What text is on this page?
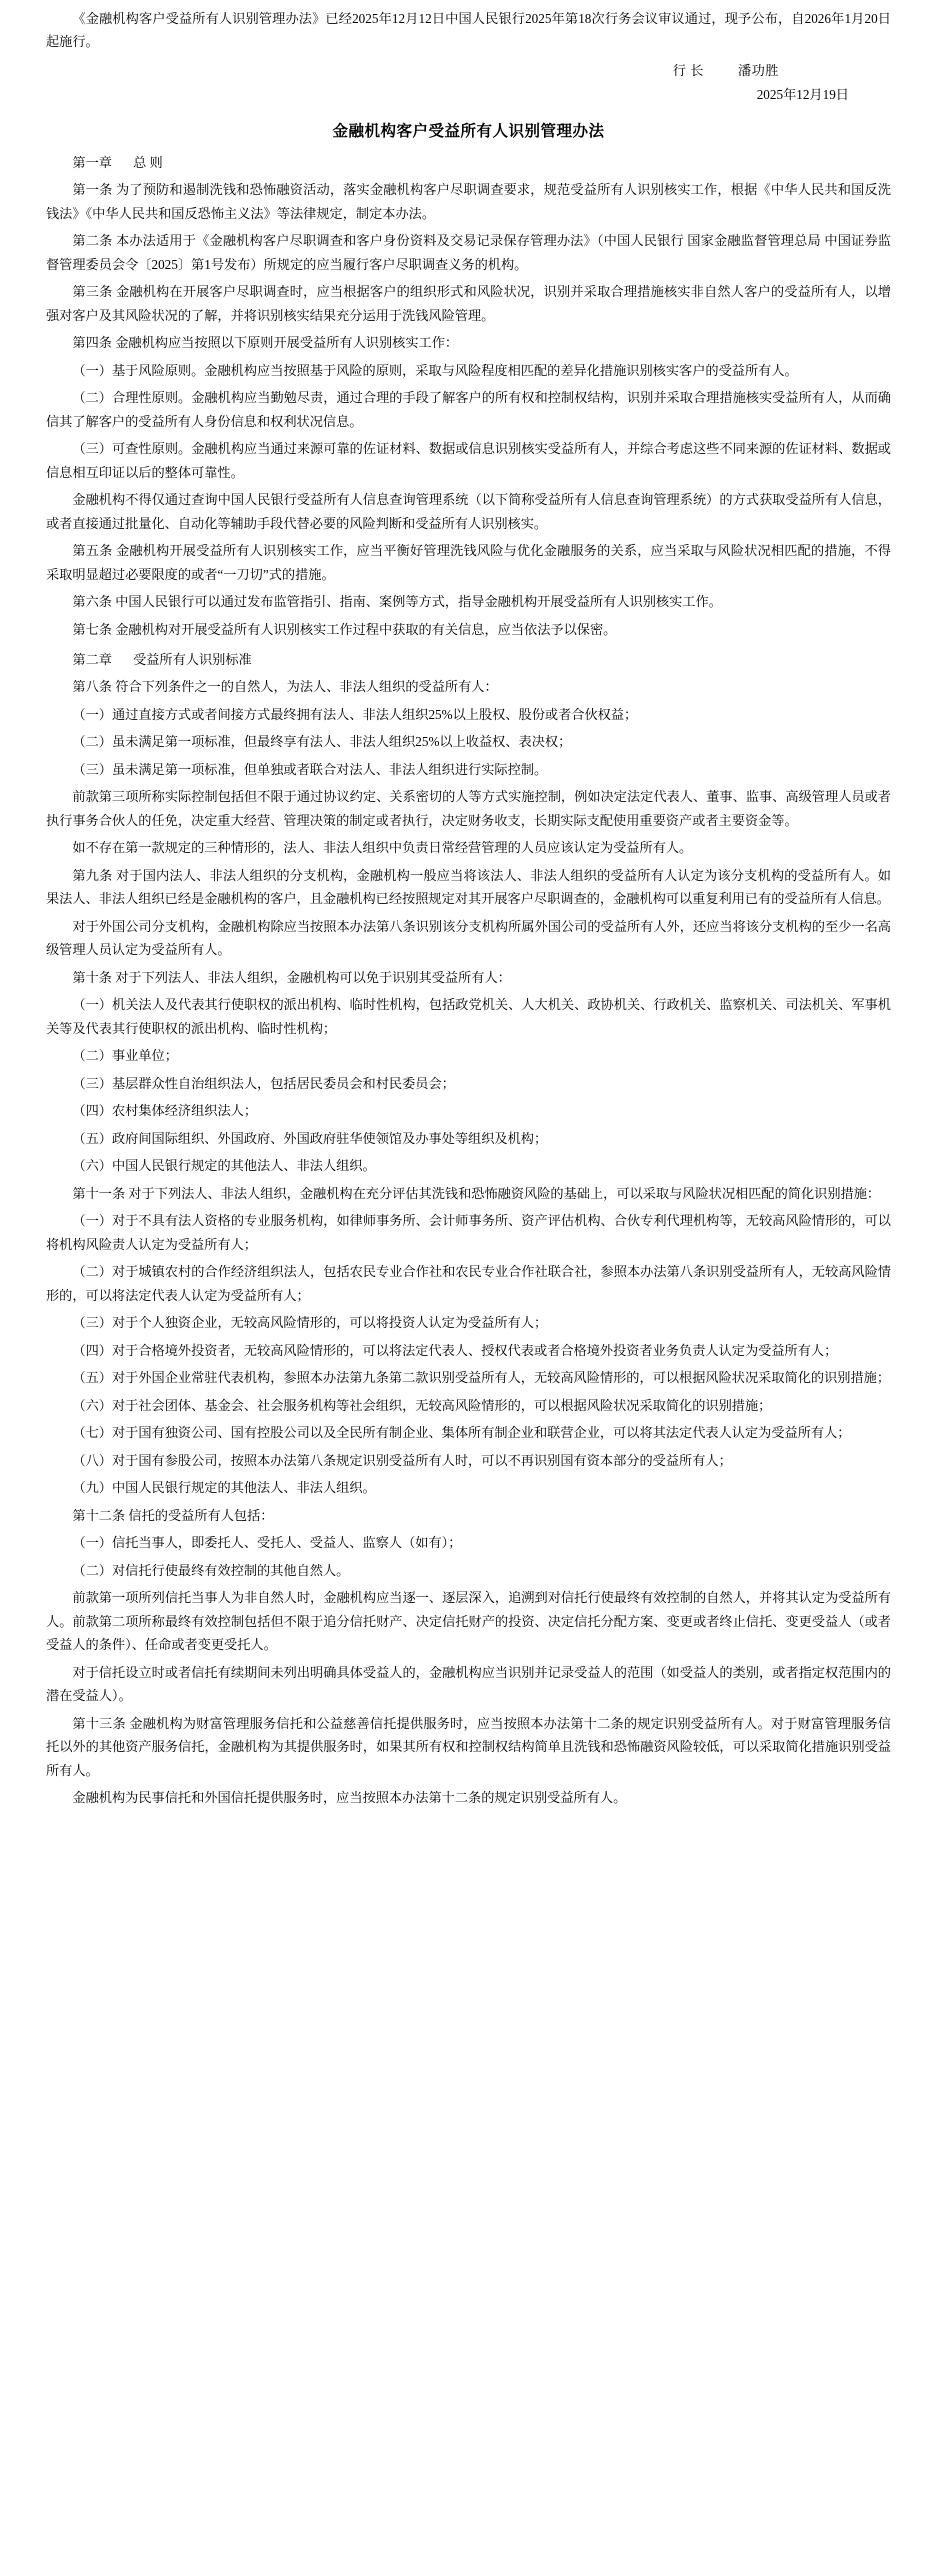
《金融机构客户受益所有人识别管理办法》已经2025年12月12日中国人民银行2025年第18次行务会议审议通过，现予公布，自2026年1月20日起施行。

行 长	潘功胜

2025年12月19日

金融机构客户受益所有人识别管理办法
第一章 总 则

第一条 为了预防和遏制洗钱和恐怖融资活动，落实金融机构客户尽职调查要求，规范受益所有人识别核实工作，根据《中华人民共和国反洗钱法》《中华人民共和国反恐怖主义法》等法律规定，制定本办法。

第二条 本办法适用于《金融机构客户尽职调查和客户身份资料及交易记录保存管理办法》（中国人民银行 国家金融监督管理总局 中国证券监督管理委员会令〔2025〕第1号发布）所规定的应当履行客户尽职调查义务的机构。

第三条 金融机构在开展客户尽职调查时，应当根据客户的组织形式和风险状况，识别并采取合理措施核实非自然人客户的受益所有人，以增强对客户及其风险状况的了解，并将识别核实结果充分运用于洗钱风险管理。

第四条 金融机构应当按照以下原则开展受益所有人识别核实工作：

（一）基于风险原则。金融机构应当按照基于风险的原则，采取与风险程度相匹配的差异化措施识别核实客户的受益所有人。

（二）合理性原则。金融机构应当勤勉尽责，通过合理的手段了解客户的所有权和控制权结构，识别并采取合理措施核实受益所有人，从而确信其了解客户的受益所有人身份信息和权利状况信息。

（三）可查性原则。金融机构应当通过来源可靠的佐证材料、数据或信息识别核实受益所有人，并综合考虑这些不同来源的佐证材料、数据或信息相互印证以后的整体可靠性。

金融机构不得仅通过查询中国人民银行受益所有人信息查询管理系统（以下简称受益所有人信息查询管理系统）的方式获取受益所有人信息，或者直接通过批量化、自动化等辅助手段代替必要的风险判断和受益所有人识别核实。

第五条 金融机构开展受益所有人识别核实工作，应当平衡好管理洗钱风险与优化金融服务的关系，应当采取与风险状况相匹配的措施，不得采取明显超过必要限度的或者“一刀切”式的措施。

第六条 中国人民银行可以通过发布监管指引、指南、案例等方式，指导金融机构开展受益所有人识别核实工作。

第七条 金融机构对开展受益所有人识别核实工作过程中获取的有关信息，应当依法予以保密。

第二章 受益所有人识别标准

第八条 符合下列条件之一的自然人，为法人、非法人组织的受益所有人：

（一）通过直接方式或者间接方式最终拥有法人、非法人组织25%以上股权、股份或者合伙权益；

（二）虽未满足第一项标准，但最终享有法人、非法人组织25%以上收益权、表决权；

（三）虽未满足第一项标准，但单独或者联合对法人、非法人组织进行实际控制。

前款第三项所称实际控制包括但不限于通过协议约定、关系密切的人等方式实施控制，例如决定法定代表人、董事、监事、高级管理人员或者执行事务合伙人的任免，决定重大经营、管理决策的制定或者执行，决定财务收支，长期实际支配使用重要资产或者主要资金等。

如不存在第一款规定的三种情形的，法人、非法人组织中负责日常经营管理的人员应该认定为受益所有人。

第九条 对于国内法人、非法人组织的分支机构，金融机构一般应当将该法人、非法人组织的受益所有人认定为该分支机构的受益所有人。如果法人、非法人组织已经是金融机构的客户，且金融机构已经按照规定对其开展客户尽职调查的，金融机构可以重复利用已有的受益所有人信息。

对于外国公司分支机构，金融机构除应当按照本办法第八条识别该分支机构所属外国公司的受益所有人外，还应当将该分支机构的至少一名高级管理人员认定为受益所有人。

第十条 对于下列法人、非法人组织，金融机构可以免于识别其受益所有人：

（一）机关法人及代表其行使职权的派出机构、临时性机构，包括政党机关、人大机关、政协机关、行政机关、监察机关、司法机关、军事机关等及代表其行使职权的派出机构、临时性机构；

（二）事业单位；

（三）基层群众性自治组织法人，包括居民委员会和村民委员会；

（四）农村集体经济组织法人；

（五）政府间国际组织、外国政府、外国政府驻华使领馆及办事处等组织及机构；

（六）中国人民银行规定的其他法人、非法人组织。

第十一条 对于下列法人、非法人组织，金融机构在充分评估其洗钱和恐怖融资风险的基础上，可以采取与风险状况相匹配的简化识别措施：

（一）对于不具有法人资格的专业服务机构，如律师事务所、会计师事务所、资产评估机构、合伙专利代理机构等，无较高风险情形的，可以将机构风险责人认定为受益所有人；

（二）对于城镇农村的合作经济组织法人，包括农民专业合作社和农民专业合作社联合社，参照本办法第八条识别受益所有人，无较高风险情形的，可以将法定代表人认定为受益所有人；

（三）对于个人独资企业，无较高风险情形的，可以将投资人认定为受益所有人；

（四）对于合格境外投资者，无较高风险情形的，可以将法定代表人、授权代表或者合格境外投资者业务负责人认定为受益所有人；

（五）对于外国企业常驻代表机构，参照本办法第九条第二款识别受益所有人，无较高风险情形的，可以根据风险状况采取简化的识别措施；

（六）对于社会团体、基金会、社会服务机构等社会组织，无较高风险情形的，可以根据风险状况采取简化的识别措施；

（七）对于国有独资公司、国有控股公司以及全民所有制企业、集体所有制企业和联营企业，可以将其法定代表人认定为受益所有人；

（八）对于国有参股公司，按照本办法第八条规定识别受益所有人时，可以不再识别国有资本部分的受益所有人；

（九）中国人民银行规定的其他法人、非法人组织。

第十二条 信托的受益所有人包括：

（一）信托当事人，即委托人、受托人、受益人、监察人（如有）；

（二）对信托行使最终有效控制的其他自然人。

前款第一项所列信托当事人为非自然人时，金融机构应当逐一、逐层深入，追溯到对信托行使最终有效控制的自然人，并将其认定为受益所有人。前款第二项所称最终有效控制包括但不限于追分信托财产、决定信托财产的投资、决定信托分配方案、变更或者终止信托、变更受益人（或者受益人的条件）、任命或者变更受托人。

对于信托设立时或者信托有续期间未列出明确具体受益人的，金融机构应当识别并记录受益人的范围（如受益人的类别，或者指定权范围内的潜在受益人）。

第十三条 金融机构为财富管理服务信托和公益慈善信托提供服务时，应当按照本办法第十二条的规定识别受益所有人。对于财富管理服务信托以外的其他资产服务信托，金融机构为其提供服务时，如果其所有权和控制权结构简单且洗钱和恐怖融资风险较低，可以采取简化措施识别受益所有人。

金融机构为民事信托和外国信托提供服务时，应当按照本办法第十二条的规定识别受益所有人。
